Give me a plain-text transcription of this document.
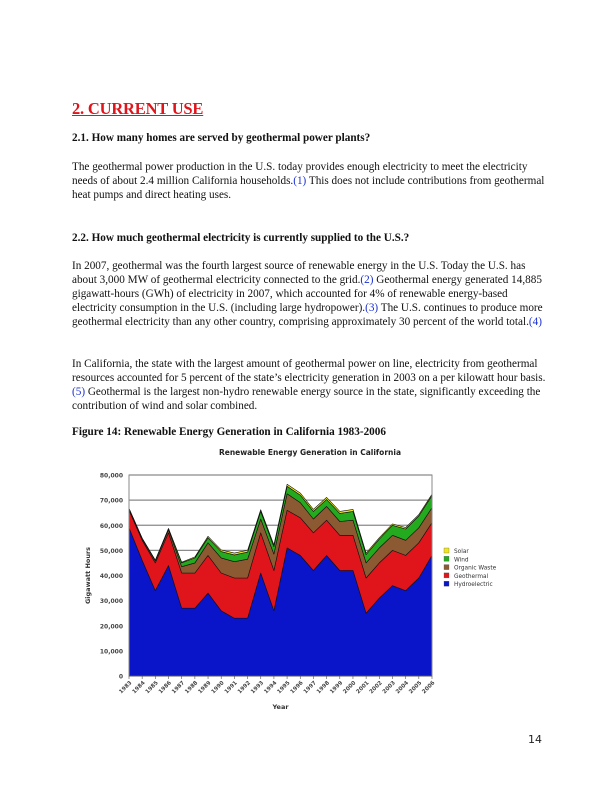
2. CURRENT USE
2.1. How many homes are served by geothermal power plants?

The geothermal power production in the U.S. today provides enough electricity to meet the electricity needs of about 2.4 million California households.(1) This does not include contributions from geothermal heat pumps and direct heating uses.

2.2. How much geothermal electricity is currently supplied to the U.S.?

In 2007, geothermal was the fourth largest source of renewable energy in the U.S. Today the U.S. has about 3,000 MW of geothermal electricity connected to the grid.(2) Geothermal energy generated 14,885 gigawatt-hours (GWh) of electricity in 2007, which accounted for 4% of renewable energy-based electricity consumption in the U.S. (including large hydropower).(3) The U.S. continues to produce more geothermal electricity than any other country, comprising approximately 30 percent of the world total.(4)

In California, the state with the largest amount of geothermal power on line, electricity from geothermal resources accounted for 5 percent of the state’s electricity generation in 2003 on a per kilowatt hour basis.(5) Geothermal is the largest non-hydro renewable energy source in the state, significantly exceeding the contribution of wind and solar combined.

Figure 14: Renewable Energy Generation in California 1983-2006
Renewable Energy Generation in California
0
10,000
20,000
30,000
40,000
50,000
60,000
70,000
80,000
1983
1984
1985
1986
1987
1988
1989
1990
1991
1992
1993
1994
1995
1996
1997
1998
1999
2000
2001
2002
2003
2004
2005
2006
Year
Gigawatt Hours	Solar
Wind
Organic Waste
Geothermal
Hydroelectric
14
